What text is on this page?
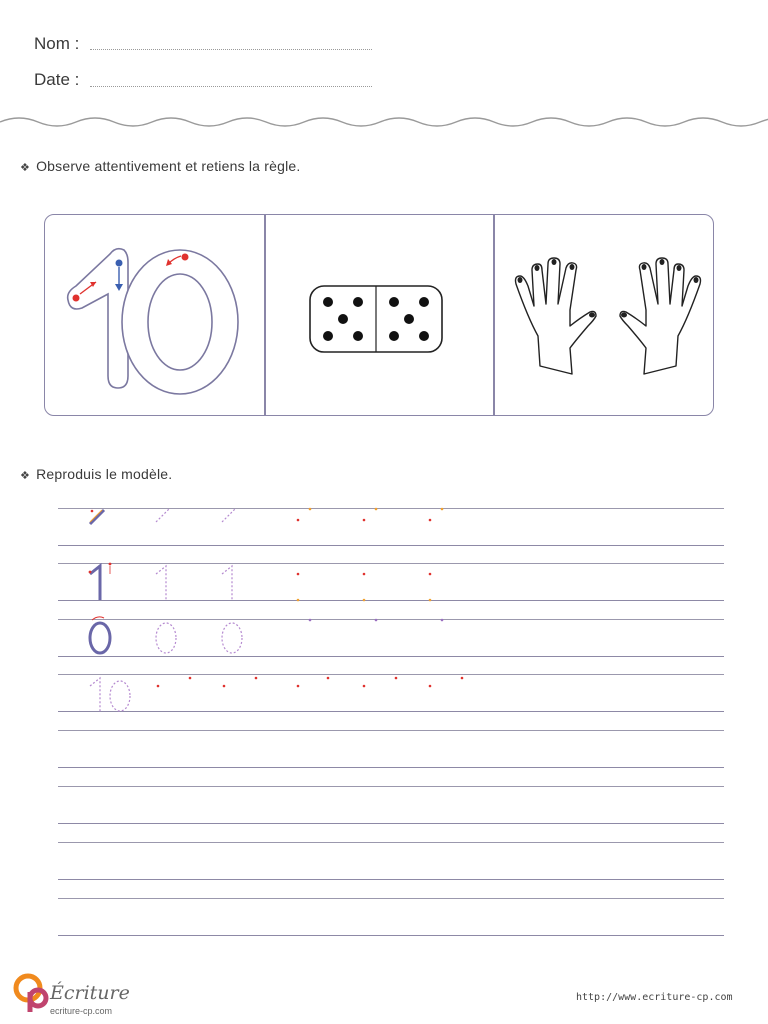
Nom :
Date :
❖ Observe attentivement et retiens la règle.
❖ Reproduis le modèle.
Écriture
ecriture-cp.com
http://www.ecriture-cp.com
